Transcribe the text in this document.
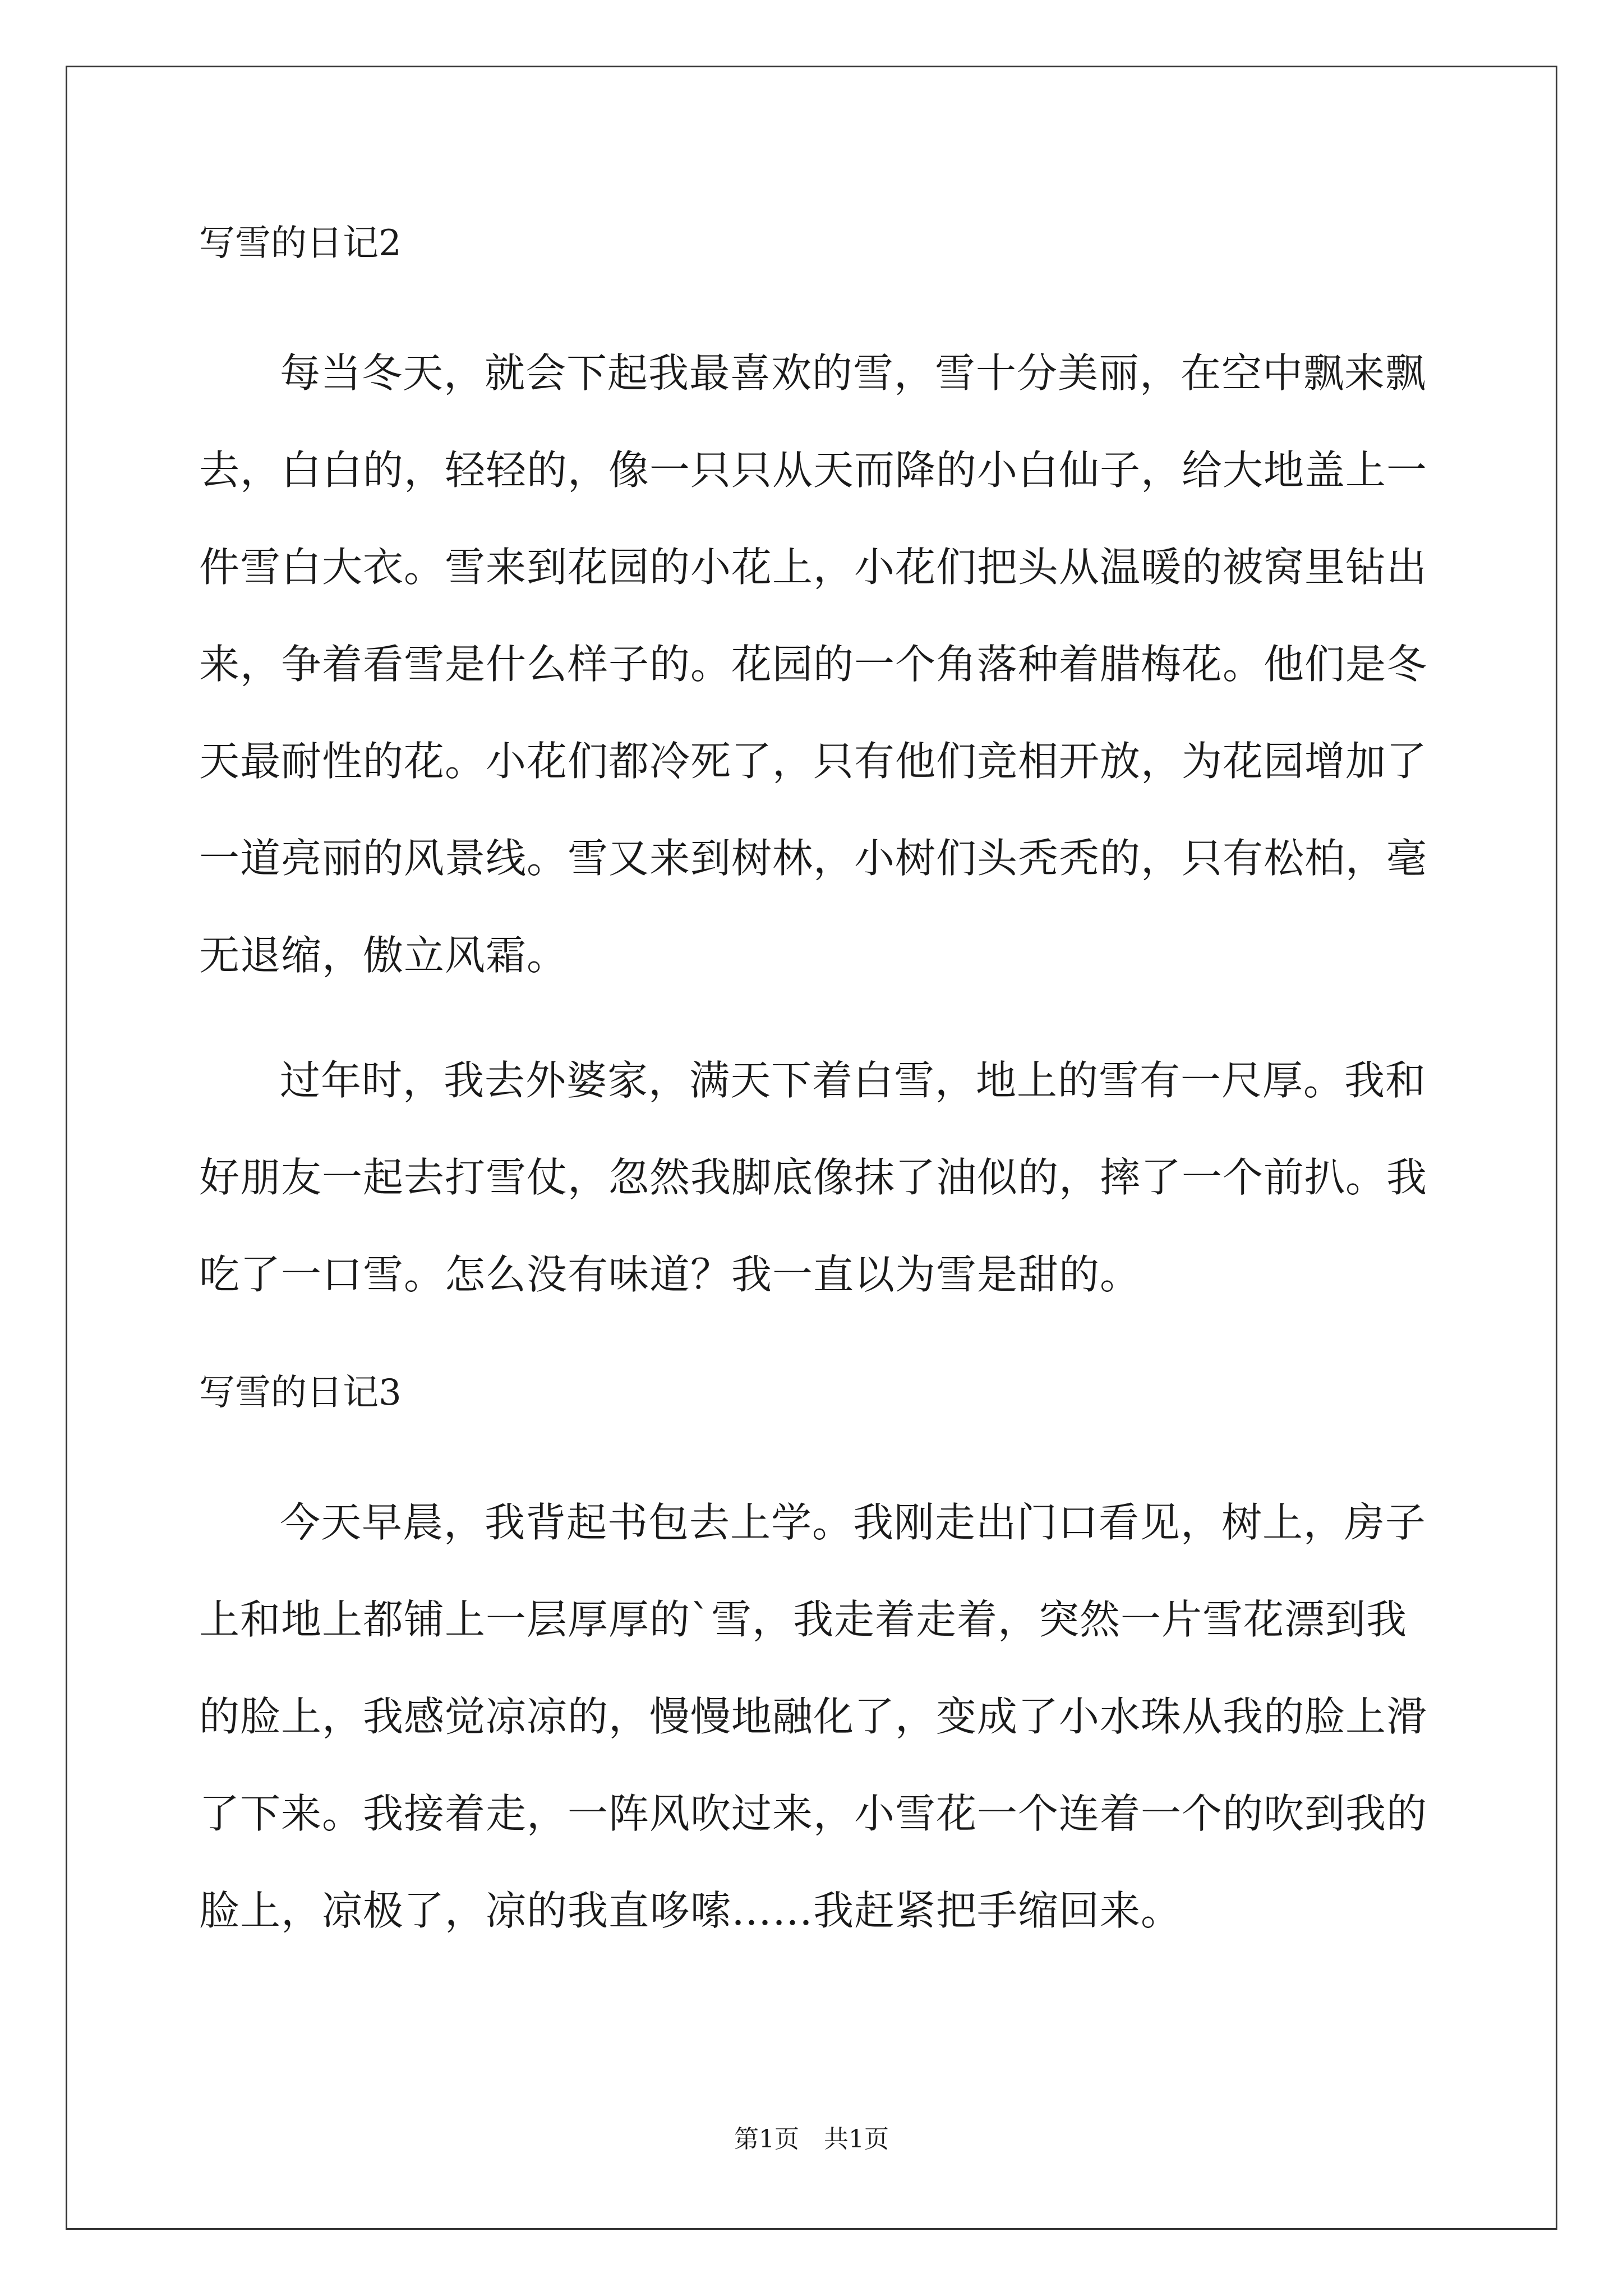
写雪的日记2

每当冬天，就会下起我最喜欢的雪，雪十分美丽，在空中飘来飘去，白白的，轻轻的，像一只只从天而降的小白仙子，给大地盖上一件雪白大衣。雪来到花园的小花上，小花们把头从温暖的被窝里钻出来，争着看雪是什么样子的。花园的一个角落种着腊梅花。他们是冬天最耐性的花。小花们都冷死了，只有他们竞相开放，为花园增加了一道亮丽的风景线。雪又来到树林，小树们头秃秃的，只有松柏，毫无退缩，傲立风霜。

过年时，我去外婆家，满天下着白雪，地上的雪有一尺厚。我和好朋友一起去打雪仗，忽然我脚底像抹了油似的，摔了一个前扒。我吃了一口雪。怎么没有味道？我一直以为雪是甜的。

写雪的日记3

今天早晨，我背起书包去上学。我刚走出门口看见，树上，房子上和地上都铺上一层厚厚的`雪，我走着走着，突然一片雪花漂到我的脸上，我感觉凉凉的，慢慢地融化了，变成了小水珠从我的脸上滑了下来。我接着走，一阵风吹过来，小雪花一个连着一个的吹到我的脸上，凉极了，凉的我直哆嗦……我赶紧把手缩回来。

第1页　共1页
